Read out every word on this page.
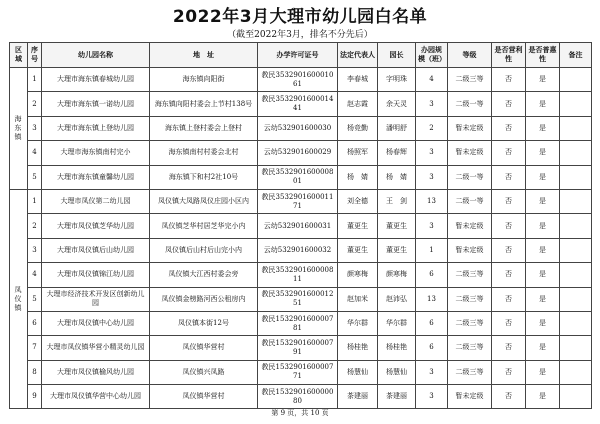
2022年3月大理市幼儿园白名单
（截至2022年3月，排名不分先后）
区域	序号	幼儿园名称	地　址	办学许可证号	法定代表人	园长	办园规模（班）	等级	是否营利性	是否普惠性	备注
海东镇	1	大理市海东镇春城幼儿园	海东镇向阳街	教民353290160001061	李春城	字明珠	4	二级三等	否	是	
	2	大理市海东镇一诺幼儿园	海东镇向阳村委会上节村138号	教民353290160001441	赵志霞	余天灵	3	二级一等	否	是	
	3	大理市海东镇上登幼儿园	海东镇上登村委会上登村	云幼532901600030	杨竞勤	潘明舒	2	暂未定级	否	是	
	4	大理市海东镇南村完小	海东镇南村村委会北村	云幼532901600029	杨照军	杨春辉	3	暂未定级	否	是	
	5	大理市海东镇童馨幼儿园	海东镇下和村2社10号	教民353290160000801	杨　婧	杨　婧	3	二级一等	否	是	
凤仪镇	1	大理市凤仪第二幼儿园	凤仪镇大凤路凤仪庄园小区内	教民353290160001171	刘全德	王　剑	13	二级一等	否	是	
	2	大理市凤仪镇芝华幼儿园	凤仪镇芝华村居芝华完小内	云幼532901600031	董更生	董更生	3	暂未定级	否	是	
	3	大理市凤仪镇后山幼儿园	凤仪镇后山村后山完小内	云幼532901600032	董更生	董更生	1	暂未定级	否	是	
	4	大理市凤仪镇锦江幼儿园	凤仪镇大江西村委会旁	教民353290160000811	颜寒梅	颜寒梅	6	二级三等	否	是	
	5	大理市经济技术开发区创新幼儿园	凤仪镇金榜路河西公租房内	教民353290160001251	赵加米	赵沛弘	13	二级三等	否	是	
	6	大理市凤仪镇中心幼儿园	凤仪镇本街12号	教民153290160000781	华尔群	华尔群	6	二级三等	否	是	
	7	大理市凤仪镇华营小精灵幼儿园	凤仪镇华营村	教民153290160000791	杨桂艳	杨桂艳	6	二级三等	否	是	
	8	大理市凤仪镇榆风幼儿园	凤仪镇兴凤路	教民153290160000771	杨慧仙	杨慧仙	3	二级三等	否	是	
	9	大理市凤仪镇华营中心幼儿园	凤仪镇华营村	教民153290160000080	茶建丽	茶建丽	3	暂未定级	否	是	
第 9 页，共 10 页
